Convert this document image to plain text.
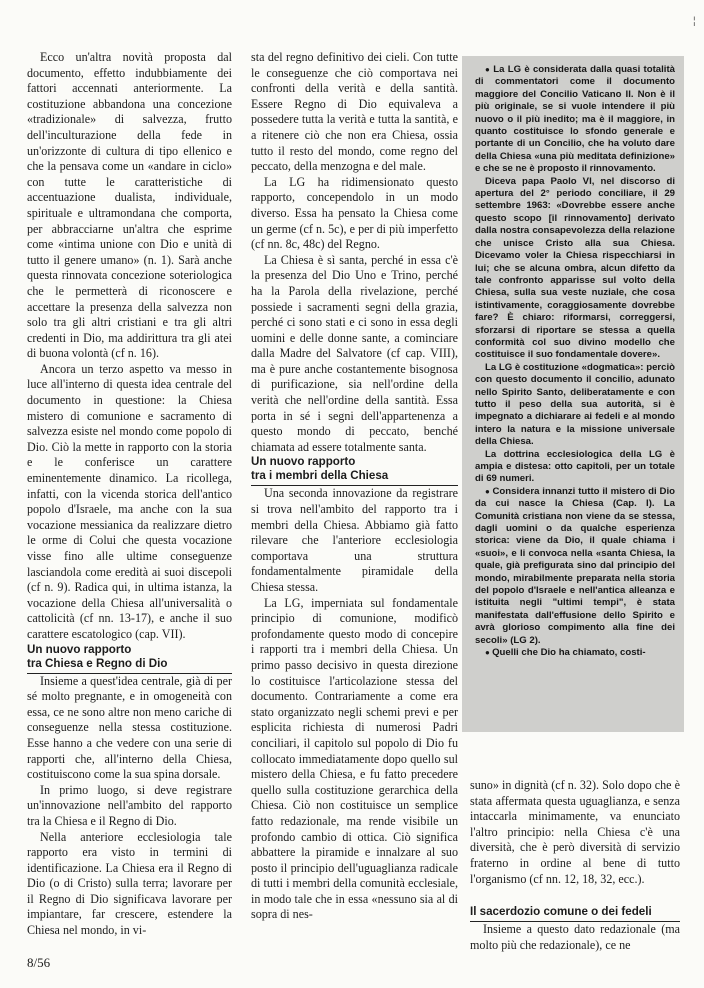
¦

Ecco un'altra novità proposta dal documento, effetto indubbiamente dei fattori accennati anteriormente. La costituzione abbandona una concezione «tradizionale» di salvezza, frutto dell'inculturazione della fede in un'orizzonte di cultura di tipo ellenico e che la pensava come un «andare in ciclo» con tutte le caratteristiche di accentuazione dualista, individuale, spirituale e ultramondana che comporta, per abbracciarne un'altra che esprime come «intima unione con Dio e unità di tutto il genere umano» (n. 1). Sarà anche questa rinnovata concezione soteriologica che le permetterà di riconoscere e accettare la presenza della salvezza non solo tra gli altri cristiani e tra gli altri credenti in Dio, ma addirittura tra gli atei di buona volontà (cf n. 16).

Ancora un terzo aspetto va messo in luce all'interno di questa idea centrale del documento in questione: la Chiesa mistero di comunione e sacramento di salvezza esiste nel mondo come popolo di Dio. Ciò la mette in rapporto con la storia e le conferisce un carattere eminentemente dinamico. La ricollega, infatti, con la vicenda storica dell'antico popolo d'Israele, ma anche con la sua vocazione messianica da realizzare dietro le orme di Colui che questa vocazione visse fino alle ultime conseguenze lasciandola come eredità ai suoi discepoli (cf n. 9). Radica qui, in ultima istanza, la vocazione della Chiesa all'universalità o cattolicità (cf nn. 13-17), e anche il suo carattere escatologico (cap. VII).

Un nuovo rapporto
tra Chiesa e Regno di Dio

Insieme a quest'idea centrale, già di per sé molto pregnante, e in omogeneità con essa, ce ne sono altre non meno cariche di conseguenze nella stessa costituzione. Esse hanno a che vedere con una serie di rapporti che, all'interno della Chiesa, costituiscono come la sua spina dorsale.

In primo luogo, si deve registrare un'innovazione nell'ambito del rapporto tra la Chiesa e il Regno di Dio.

Nella anteriore ecclesiologia tale rapporto era visto in termini di identificazione. La Chiesa era il Regno di Dio (o di Cristo) sulla terra; lavorare per il Regno di Dio significava lavorare per impiantare, far crescere, estendere la Chiesa nel mondo, in vi-

sta del regno definitivo dei cieli. Con tutte le conseguenze che ciò comportava nei confronti della verità e della santità. Essere Regno di Dio equivaleva a possedere tutta la verità e tutta la santità, e a ritenere ciò che non era Chiesa, ossia tutto il resto del mondo, come regno del peccato, della menzogna e del male.

La LG ha ridimensionato questo rapporto, concependolo in un modo diverso. Essa ha pensato la Chiesa come un germe (cf n. 5c), e per di più imperfetto (cf nn. 8c, 48c) del Regno.

La Chiesa è sì santa, perché in essa c'è la presenza del Dio Uno e Trino, perché ha la Parola della rivelazione, perché possiede i sacramenti segni della grazia, perché ci sono stati e ci sono in essa degli uomini e delle donne sante, a cominciare dalla Madre del Salvatore (cf cap. VIII), ma è pure anche costantemente bisognosa di purificazione, sia nell'ordine della verità che nell'ordine della santità. Essa porta in sé i segni dell'appartenenza a questo mondo di peccato, benché chiamata ad essere totalmente santa.

Un nuovo rapporto
tra i membri della Chiesa

Una seconda innovazione da registrare si trova nell'ambito del rapporto tra i membri della Chiesa. Abbiamo già fatto rilevare che l'anteriore ecclesiologia comportava una struttura fondamentalmente piramidale della Chiesa stessa.

La LG, imperniata sul fondamentale principio di comunione, modificò profondamente questo modo di concepire i rapporti tra i membri della Chiesa. Un primo passo decisivo in questa direzione lo costituisce l'articolazione stessa del documento. Contrariamente a come era stato organizzato negli schemi previ e per esplicita richiesta di numerosi Padri conciliari, il capitolo sul popolo di Dio fu collocato immediatamente dopo quello sul mistero della Chiesa, e fu fatto precedere quello sulla costituzione gerarchica della Chiesa. Ciò non costituisce un semplice fatto redazionale, ma rende visibile un profondo cambio di ottica. Ciò significa abbattere la piramide e innalzare al suo posto il principio dell'uguaglianza radicale di tutti i membri della comunità ecclesiale, in modo tale che in essa «nessuno sia al di sopra di nes-

● La LG è considerata dalla quasi totalità di commentatori come il documento maggiore del Concilio Vaticano II. Non è il più originale, se si vuole intendere il più nuovo o il più inedito; ma è il maggiore, in quanto costituisce lo sfondo generale e portante di un Concilio, che ha voluto dare della Chiesa «una più meditata definizione» e che se ne è proposto il rinnovamento.

Diceva papa Paolo VI, nel discorso di apertura del 2° periodo conciliare, il 29 settembre 1963: «Dovrebbe essere anche questo scopo [il rinnovamento] derivato dalla nostra consapevolezza della relazione che unisce Cristo alla sua Chiesa. Dicevamo voler la Chiesa rispecchiarsi in lui; che se alcuna ombra, alcun difetto da tale confronto apparisse sul volto della Chiesa, sulla sua veste nuziale, che cosa istintivamente, coraggiosamente dovrebbe fare? È chiaro: riformarsi, correggersi, sforzarsi di riportare se stessa a quella conformità col suo divino modello che costituisce il suo fondamentale dovere».

La LG è costituzione «dogmatica»: perciò con questo documento il concilio, adunato nello Spirito Santo, deliberatamente e con tutto il peso della sua autorità, si è impegnato a dichiarare ai fedeli e al mondo intero la natura e la missione universale della Chiesa.

La dottrina ecclesiologica della LG è ampia e distesa: otto capitoli, per un totale di 69 numeri.

● Considera innanzi tutto il mistero di Dio da cui nasce la Chiesa (Cap. I). La Comunità cristiana non viene da se stessa, dagli uomini o da qualche esperienza storica: viene da Dio, il quale chiama i «suoi», e li convoca nella «santa Chiesa, la quale, già prefigurata sino dal principio del mondo, mirabilmente preparata nella storia del popolo d'Israele e nell'antica alleanza e istituita negli "ultimi tempi", è stata manifestata dall'effusione dello Spirito e avrà glorioso compimento alla fine dei secoli» (LG 2).

● Quelli che Dio ha chiamato, costi-

suno» in dignità (cf n. 32). Solo dopo che è stata affermata questa uguaglianza, e senza intaccarla minimamente, va enunciato l'altro principio: nella Chiesa c'è una diversità, che è però diversità di servizio fraterno in ordine al bene di tutto l'organismo (cf nn. 12, 18, 32, ecc.).

Il sacerdozio comune o dei fedeli

Insieme a questo dato redazionale (ma molto più che redazionale), ce ne

8/56
